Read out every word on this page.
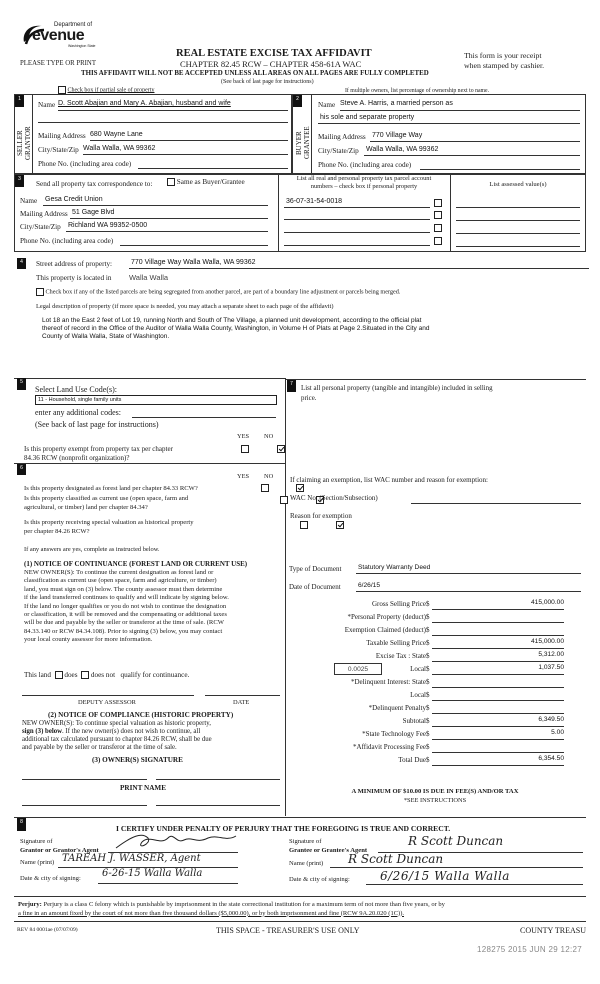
Department of
evenue
Washington State
PLEASE TYPE OR PRINT
REAL ESTATE EXCISE TAX AFFIDAVIT
CHAPTER 82.45 RCW – CHAPTER 458-61A WAC
This form is your receipt
when stamped by cashier.
THIS AFFIDAVIT WILL NOT BE ACCEPTED UNLESS ALL AREAS ON ALL PAGES ARE FULLY COMPLETED
(See back of last page for instructions)
Check box if partial sale of property	If multiple owners, list percentage of ownership next to name.
1
SELLER
GRANTOR
Name D. Scott Abajian and Mary A. Abajian, husband and wife
Mailing Address 680 Wayne Lane
City/State/Zip Walla Walla, WA 99362
Phone No. (including area code)
2
BUYER
GRANTEE
Name Steve A. Harris, a married person as
his sole and separate property
Mailing Address 770 Village Way
City/State/Zip Walla Walla, WA 99362
Phone No. (including area code)
3
Send all property tax correspondence to:	Same as Buyer/Grantee
Name Gesa Credit Union
Mailing Address 51 Gage Blvd
City/State/Zip Richland WA 99352-0500
Phone No. (including area code)
List all real and personal property tax parcel account
numbers – check box if personal property	List assessed value(s)
36-07-31-54-0018
4	Street address of property:	770 Village Way Walla Walla, WA 99362
This property is located in Walla Walla
Check box if any of the listed parcels are being segregated from another parcel, are part of a boundary line adjustment or parcels being merged.
Legal description of property (if more space is needed, you may attach a separate sheet to each page of the affidavit)
Lot 18 an the East 2 feet of Lot 19, running North and South of The Village, a planned unit development, according to the official plat
thereof of record in the Office of the Auditor of Walla Walla County, Washington, in Volume H of Plats at Page 2.Situated in the City and
County of Walla Walla, State of Washington.
5
Select Land Use Code(s):
11 - Household, single family units
enter any additional codes:
(See back of last page for instructions)
YES NO
Is this property exempt from property tax per chapter
84.36 RCW (nonprofit organization)?

6
YES NO
Is this property designated as forest land per chapter 84.33 RCW?

Is this property classified as current use (open space, farm and
agricultural, or timber) land per chapter 84.34?

Is this property receiving special valuation as historical property
per chapter 84.26 RCW?

If any answers are yes, complete as instructed below.
(1) NOTICE OF CONTINUANCE (FOREST LAND OR CURRENT USE)
NEW OWNER(S): To continue the current designation as forest land or
classification as current use (open space, farm and agriculture, or timber)
land, you must sign on (3) below. The county assessor must then determine
if the land transferred continues to qualify and will indicate by signing below.
If the land no longer qualifies or you do not wish to continue the designation
or classification, it will be removed and the compensating or additional taxes
will be due and payable by the seller or transferor at the time of sale. (RCW
84.33.140 or RCW 84.34.108). Prior to signing (3) below, you may contact
your local county assessor for more information.
This land does does not qualify for continuance.
DEPUTY ASSESSOR	DATE
(2) NOTICE OF COMPLIANCE (HISTORIC PROPERTY)
NEW OWNER(S): To continue special valuation as historic property,
sign (3) below. If the new owner(s) does not wish to continue, all
additional tax calculated pursuant to chapter 84.26 RCW, shall be due
and payable by the seller or transferor at the time of sale.
(3) OWNER(S) SIGNATURE
PRINT NAME
7
List all personal property (tangible and intangible) included in selling
price.
If claiming an exemption, list WAC number and reason for exemption:
WAC No. (Section/Subsection)
Reason for exemption
Type of Document	Statutory Warranty Deed
Date of Document	6/26/15
Gross Selling Price $	415,000.00
*Personal Property (deduct) $
Exemption Claimed (deduct) $
Taxable Selling Price $	415,000.00
Excise Tax : State $	5,312.00
0.0025	Local $	1,037.50
*Delinquent Interest: State $
Local $
*Delinquent Penalty $
Subtotal $	6,349.50
*State Technology Fee $	5.00
*Affidavit Processing Fee $
Total Due $	6,354.50
A MINIMUM OF $10.00 IS DUE IN FEE(S) AND/OR TAX
*SEE INSTRUCTIONS
8
I CERTIFY UNDER PENALTY OF PERJURY THAT THE FOREGOING IS TRUE AND CORRECT.
Signature of
Grantor or Grantor's Agent
Name (print) TAREAH J. WASSER, Agent
Date & city of signing: 6-26-15 Walla Walla
Signature of
Grantee or Grantee's Agent
R Scott Duncan
Name (print) R Scott Duncan
Date & city of signing:	6/26/15 Walla Walla
Perjury: Perjury is a class C felony which is punishable by imprisonment in the state correctional institution for a maximum term of not more than five years, or by
a fine in an amount fixed by the court of not more than five thousand dollars ($5,000.00), or by both imprisonment and fine (RCW 9A.20.020 (1C)).
REV 84 0001ae (07/07/09)	THIS SPACE - TREASURER'S USE ONLY	COUNTY TREASU
128275 2015 JUN 29 12:27
